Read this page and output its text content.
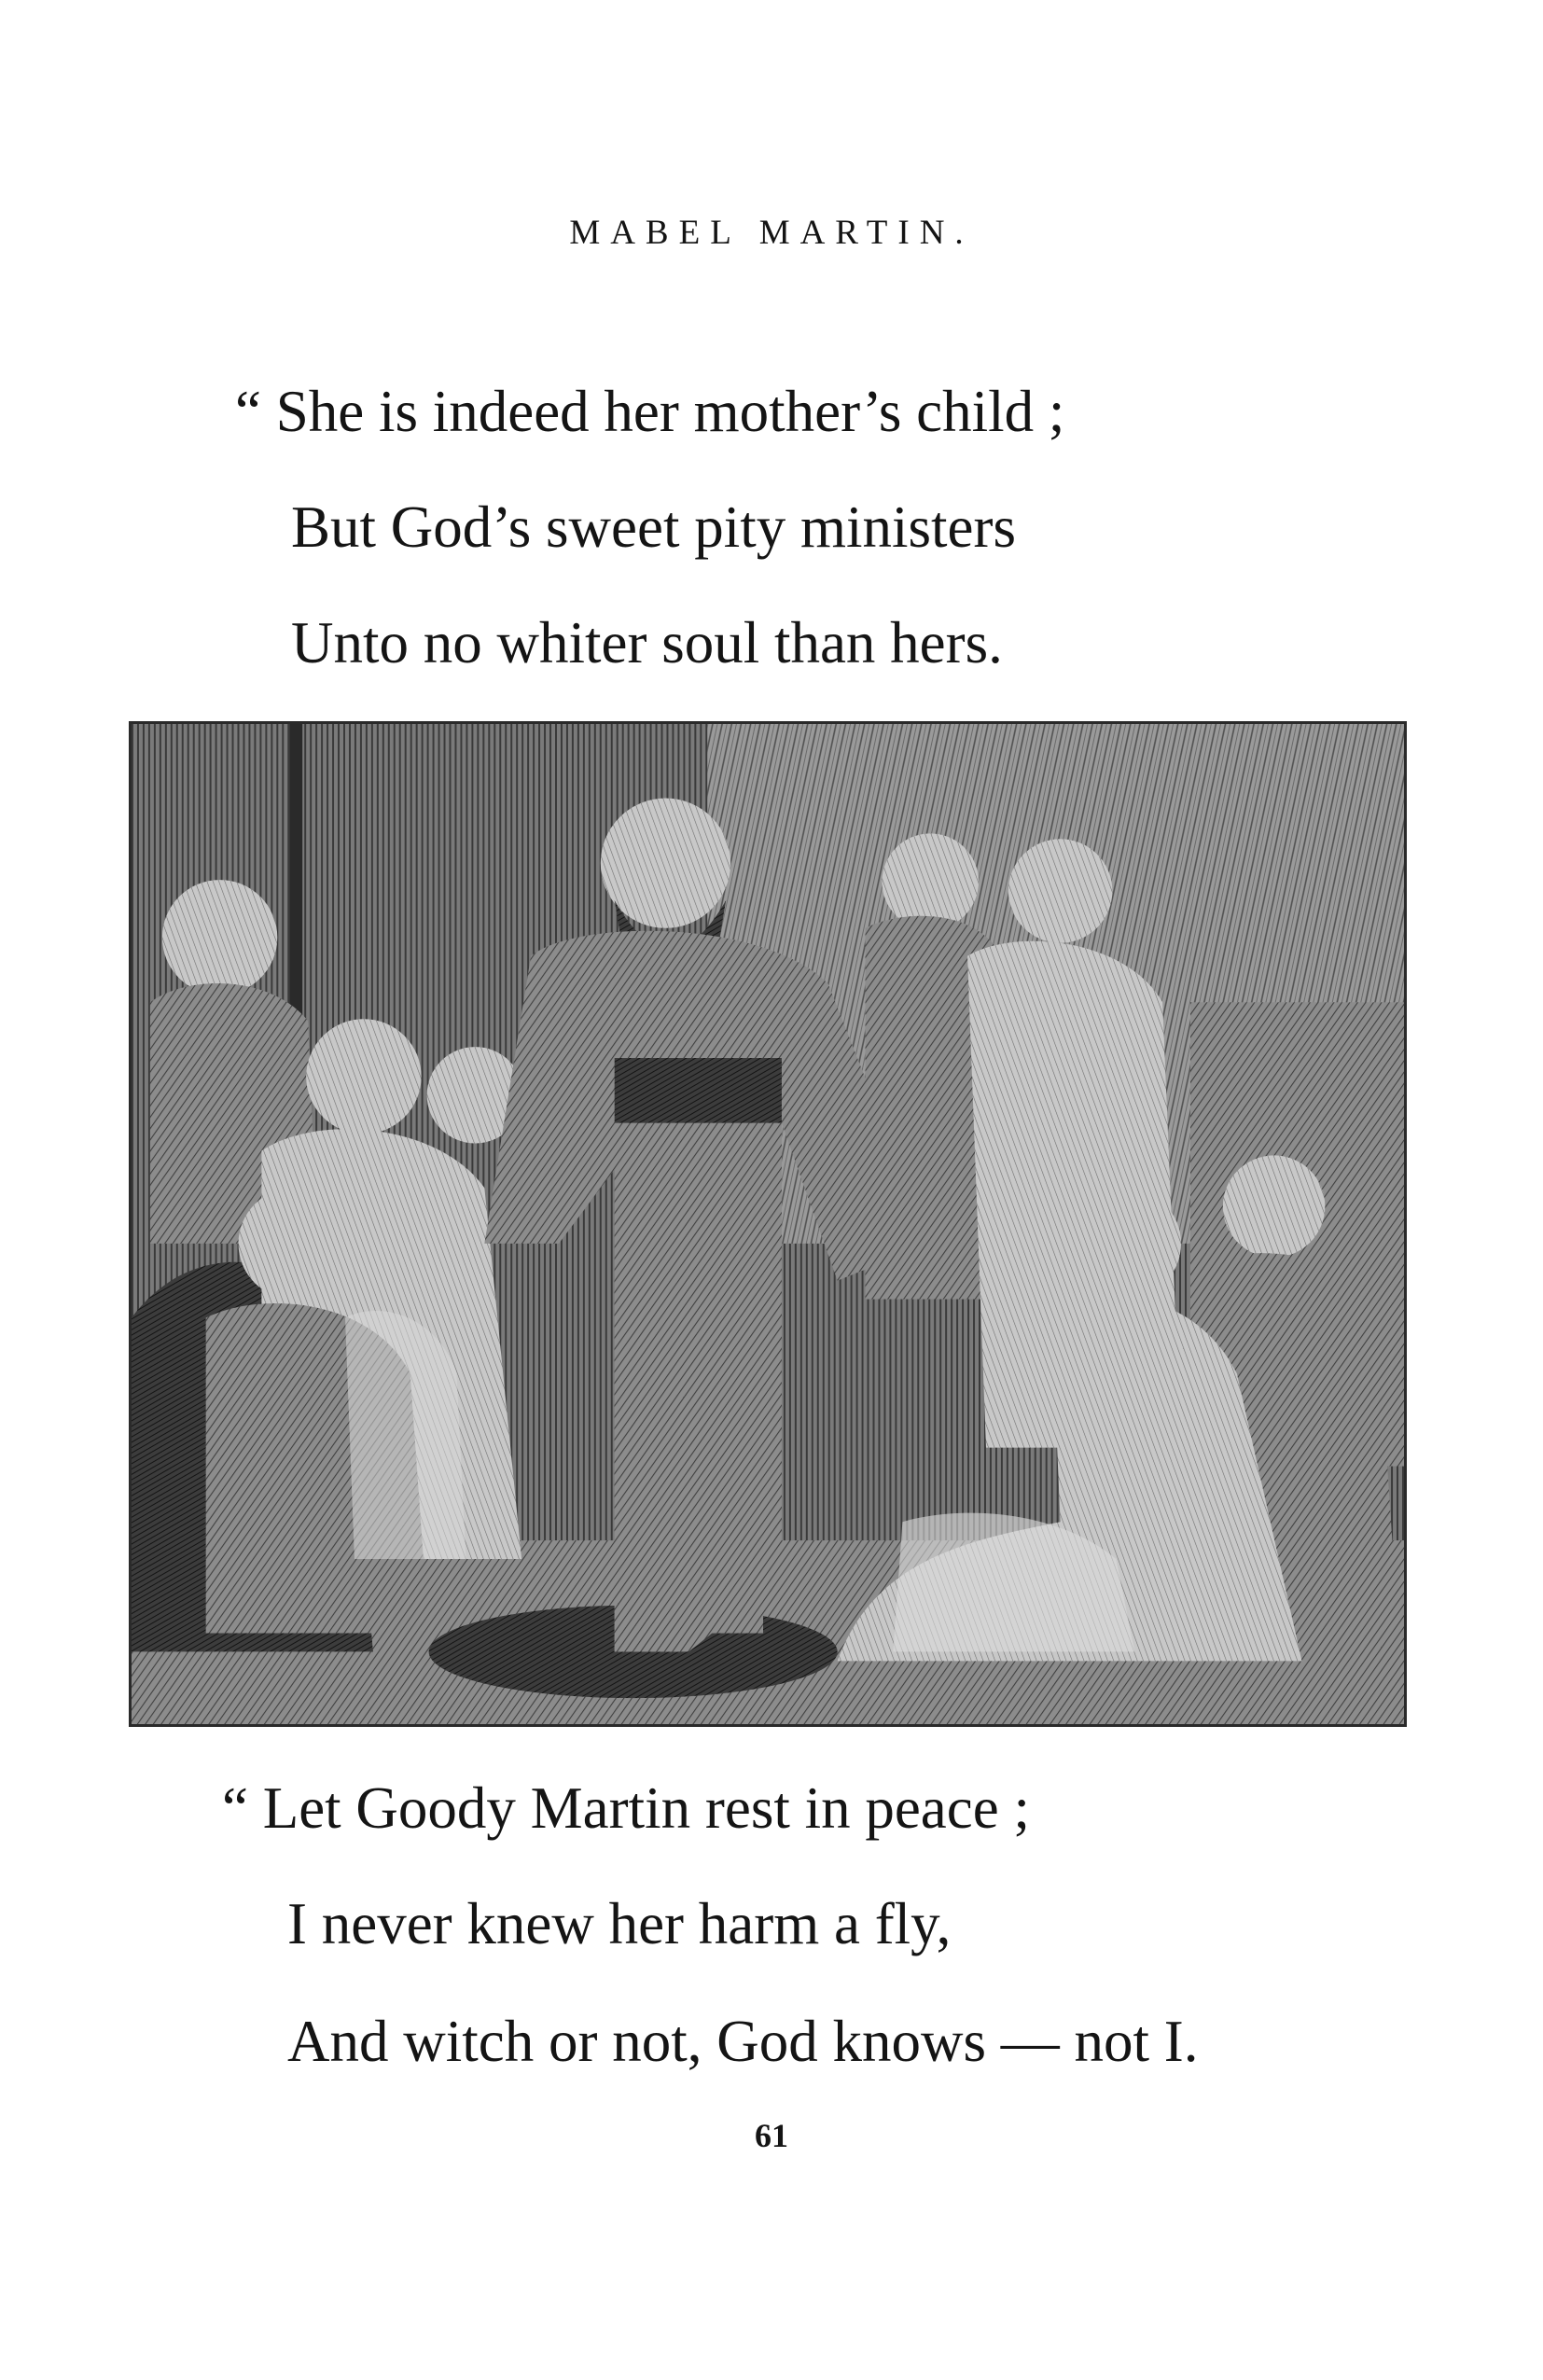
MABEL MARTIN.
“ She is indeed her mother’s child ;
But God’s sweet pity ministers
Unto no whiter soul than hers.
“ Let Goody Martin rest in peace ;
I never knew her harm a fly,
And witch or not, God knows — not I.
61
